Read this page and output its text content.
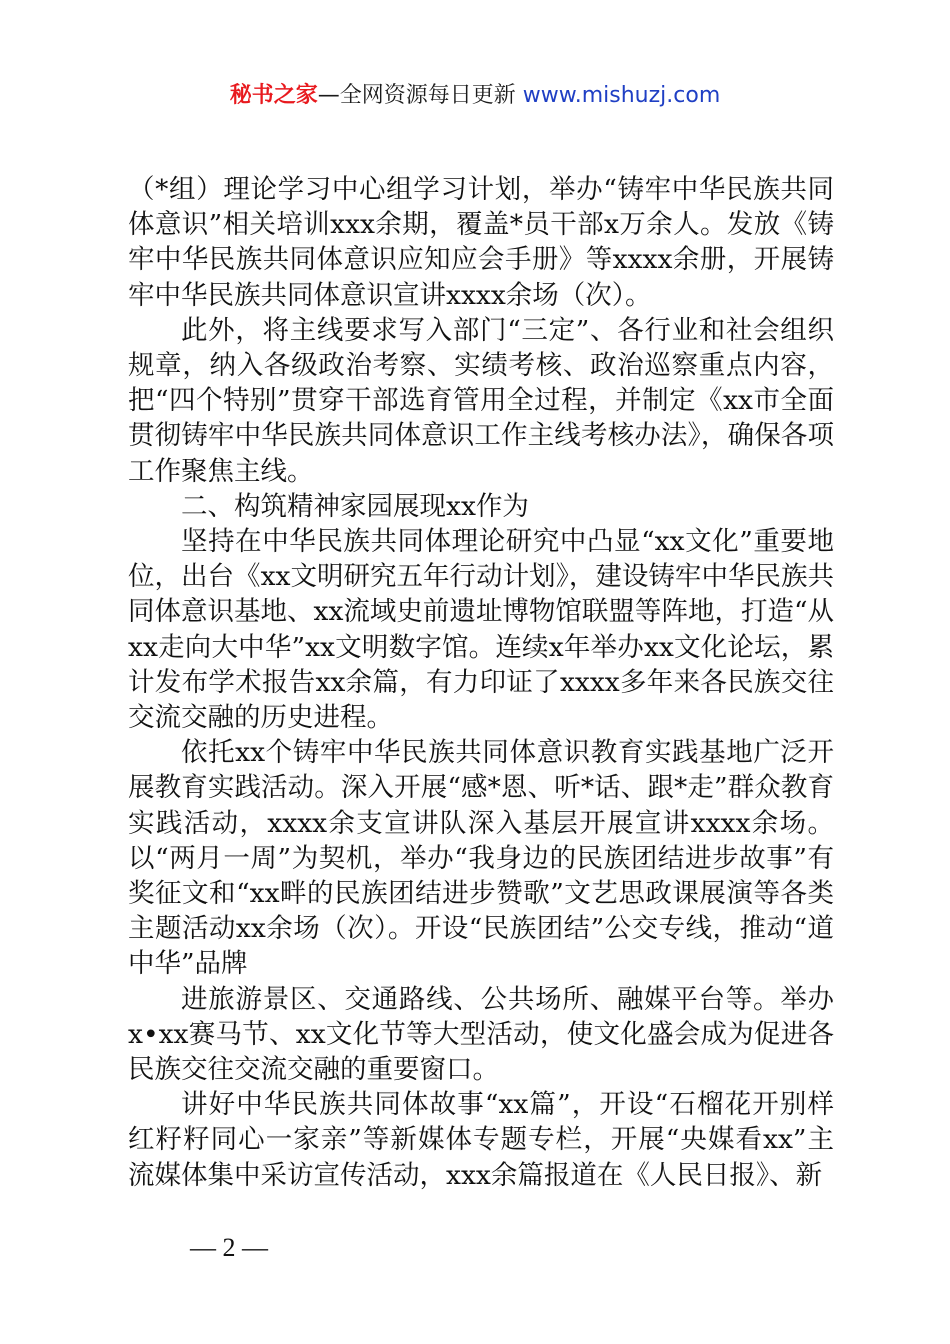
秘书之家—全网资源每日更新 www.mishuzj.com

（*组）理论学习中心组学习计划，举办“铸牢中华民族共同体意识”相关培训xxx余期，覆盖*员干部x万余人。发放《铸牢中华民族共同体意识应知应会手册》等xxxx余册，开展铸牢中华民族共同体意识宣讲xxxx余场（次）。

此外，将主线要求写入部门“三定”、各行业和社会组织规章，纳入各级政治考察、实绩考核、政治巡察重点内容，把“四个特别”贯穿干部选育管用全过程，并制定《xx市全面贯彻铸牢中华民族共同体意识工作主线考核办法》，确保各项工作聚焦主线。

二、构筑精神家园展现xx作为

坚持在中华民族共同体理论研究中凸显“xx文化”重要地位，出台《xx文明研究五年行动计划》，建设铸牢中华民族共同体意识基地、xx流域史前遗址博物馆联盟等阵地，打造“从xx走向大中华”xx文明数字馆。连续x年举办xx文化论坛，累计发布学术报告xx余篇，有力印证了xxxx多年来各民族交往交流交融的历史进程。

依托xx个铸牢中华民族共同体意识教育实践基地广泛开展教育实践活动。深入开展“感*恩、听*话、跟*走”群众教育实践活动，xxxx余支宣讲队深入基层开展宣讲xxxx余场。以“两月一周”为契机，举办“我身边的民族团结进步故事”有奖征文和“xx畔的民族团结进步赞歌”文艺思政课展演等各类主题活动xx余场（次）。开设“民族团结”公交专线，推动“道中华”品牌

进旅游景区、交通路线、公共场所、融媒平台等。举办x•xx赛马节、xx文化节等大型活动，使文化盛会成为促进各民族交往交流交融的重要窗口。

讲好中华民族共同体故事“xx篇”，开设“石榴花开别样红籽籽同心一家亲”等新媒体专题专栏，开展“央媒看xx”主流媒体集中采访宣传活动，xxx余篇报道在《人民日报》、新

— 2 —
